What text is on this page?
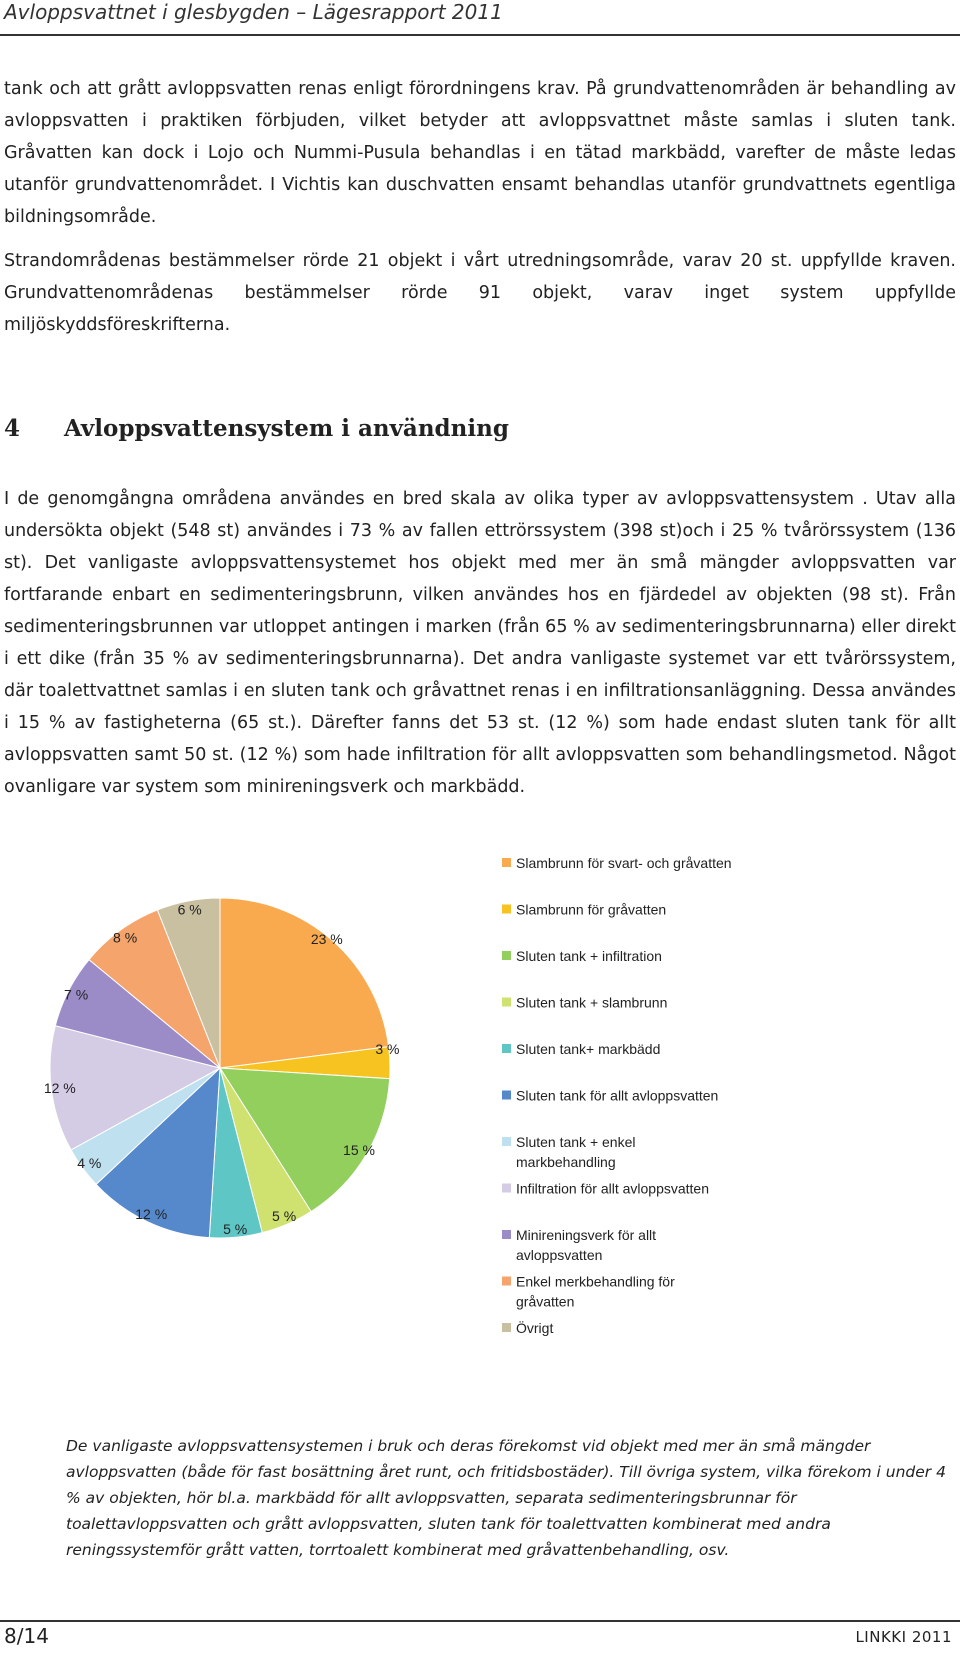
Avloppsvattnet i glesbygden – Lägesrapport 2011

tank och att grått avloppsvatten renas enligt förordningens krav. På grundvattenområden är behandling av avloppsvatten i praktiken förbjuden, vilket betyder att avloppsvattnet måste samlas i sluten tank. Gråvatten kan dock i Lojo och Nummi-Pusula behandlas i en tätad markbädd, varefter de måste ledas utanför grundvattenområdet. I Vichtis kan duschvatten ensamt behandlas utanför grundvattnets egentliga bildningsområde.

Strandområdenas bestämmelser rörde 21 objekt i vårt utredningsområde, varav 20 st. uppfyllde kraven. Grundvattenområdenas bestämmelser rörde 91 objekt, varav inget system uppfyllde miljöskyddsföreskrifterna.

4 Avloppsvattensystem i användning

I de genomgångna områdena användes en bred skala av olika typer av avloppsvattensystem . Utav alla undersökta objekt (548 st) användes i 73 % av fallen ettrörssystem (398 st)och i 25 % tvårörssystem (136 st). Det vanligaste avloppsvattensystemet hos objekt med mer än små mängder avloppsvatten var fortfarande enbart en sedimenteringsbrunn, vilken användes hos en fjärdedel av objekten (98 st). Från sedimenteringsbrunnen var utloppet antingen i marken (från 65 % av sedimenteringsbrunnarna) eller direkt i ett dike (från 35 % av sedimenteringsbrunnarna). Det andra vanligaste systemet var ett tvårörssystem, där toalettvattnet samlas i en sluten tank och gråvattnet renas i en infiltrationsanläggning. Dessa användes i 15 % av fastigheterna (65 st.). Därefter fanns det 53 st. (12 %) som hade endast sluten tank för allt avloppsvatten samt 50 st. (12 %) som hade infiltration för allt avloppsvatten som behandlingsmetod. Något ovanligare var system som minireningsverk och markbädd.

23 %
3 %
15 %
5 %
5 %
12 %
4 %
12 %
7 %
8 %
6 %
Slambrunn för svart- och gråvatten
Slambrunn för gråvatten
Sluten tank + infiltration
Sluten tank + slambrunn
Sluten tank+ markbädd
Sluten tank för allt avloppsvatten
Sluten tank + enkel
markbehandling
Infiltration för allt avloppsvatten
Minireningsverk för allt
avloppsvatten
Enkel merkbehandling för
gråvatten
Övrigt
De vanligaste avloppsvattensystemen i bruk och deras förekomst vid objekt med mer än små mängder avloppsvatten (både för fast bosättning året runt, och fritidsbostäder). Till övriga system, vilka förekom i under 4 % av objekten, hör bl.a. markbädd för allt avloppsvatten, separata sedimenteringsbrunnar för toalettavloppsvatten och grått avloppsvatten, sluten tank för toalettvatten kombinerat med andra reningssystemför grått vatten, torrtoalett kombinerat med gråvattenbehandling, osv.
8/14	LINKKI 2011
